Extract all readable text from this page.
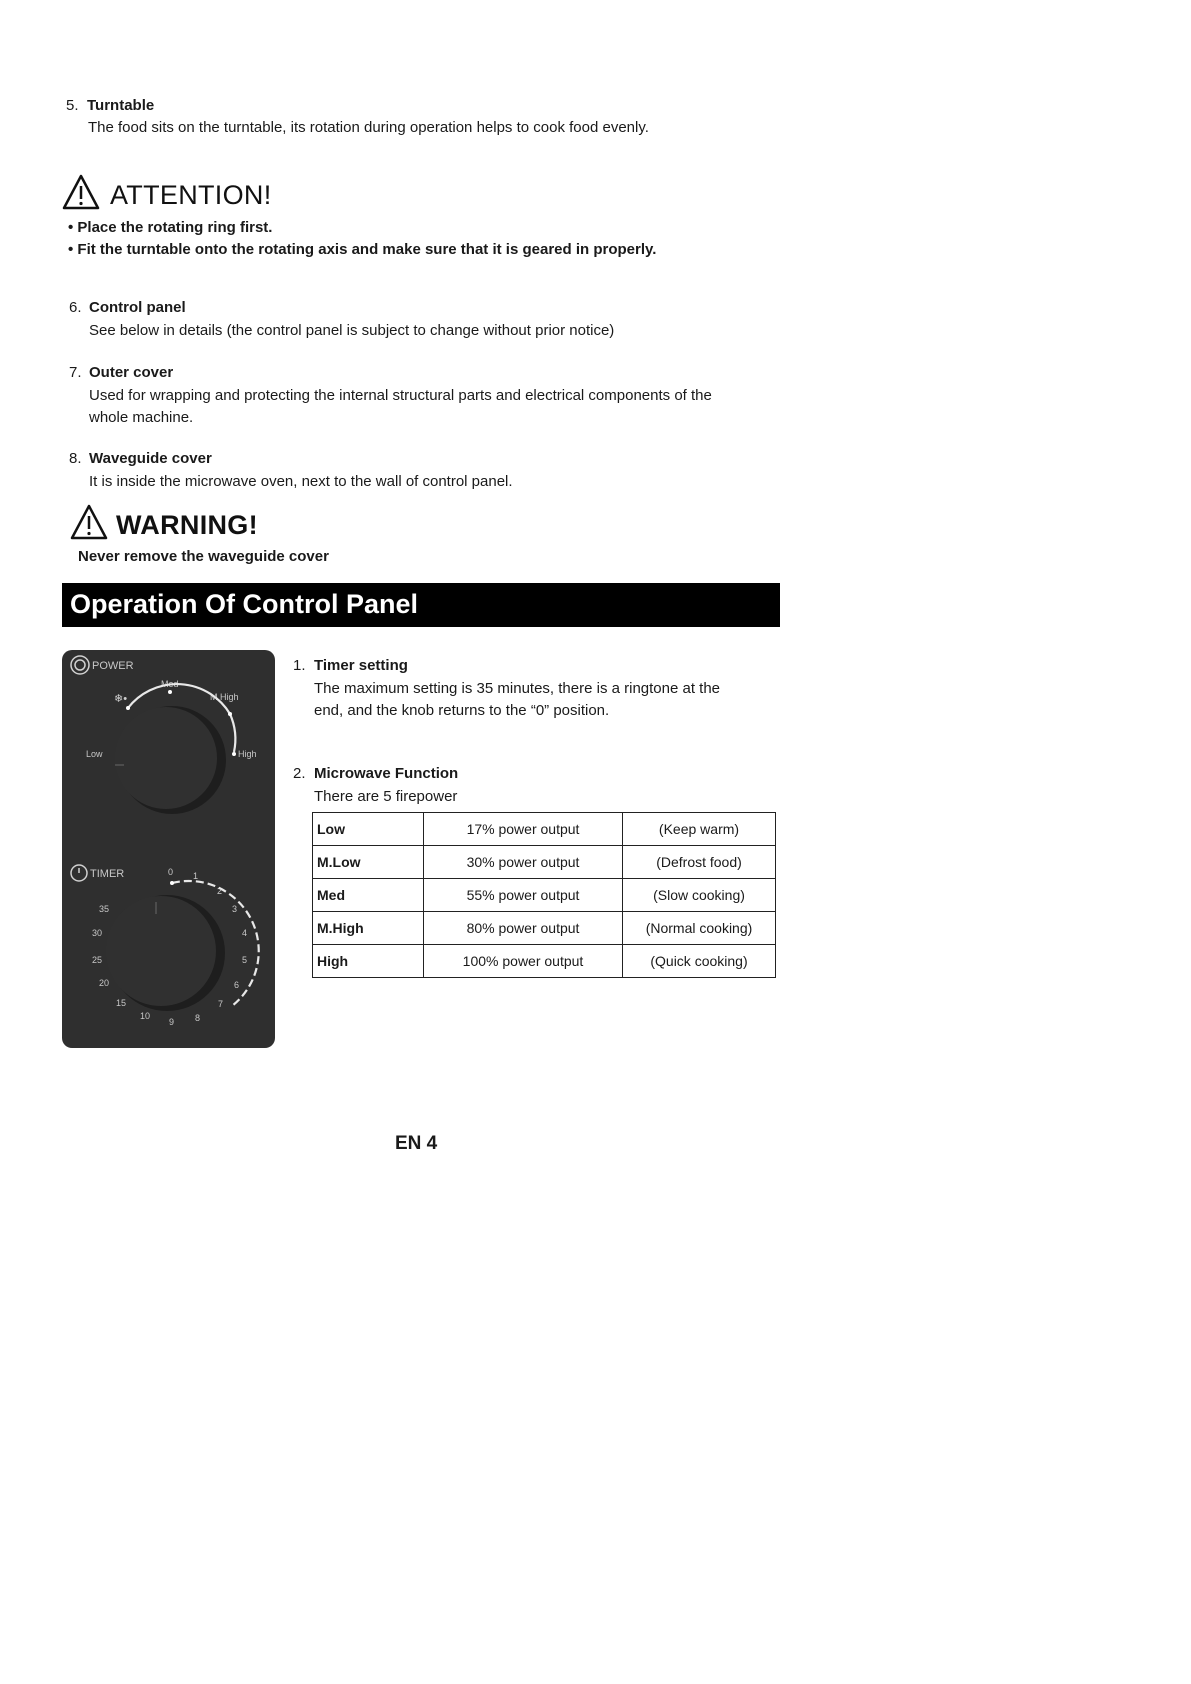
5. Turntable
The food sits on the turntable, its rotation during operation helps to cook food evenly.
ATTENTION!
• Place the rotating ring first.
• Fit the turntable onto the rotating axis and make sure that it is geared in properly.
6. Control panel
See below in details (the control panel is subject to change without prior notice)
7. Outer cover
Used for wrapping and protecting the internal structural parts and electrical components of the
whole machine.
8. Waveguide cover
It is inside the microwave oven, next to the wall of control panel.
WARNING!
Never remove the waveguide cover
Operation Of Control Panel
POWER
Med
M.High
Low	High
❄•
TIMER	0 1
2
3
4
5
6
7
8
9
10
15
20
25
30
35
1. Timer setting
The maximum setting is 35 minutes, there is a ringtone at the
end, and the knob returns to the “0” position.
2. Microwave Function
There are 5 firepower
Low	17% power output	(Keep warm)
M.Low	30% power output	(Defrost food)
Med	55% power output	(Slow cooking)
M.High	80% power output	(Normal cooking)
High	100% power output	(Quick cooking)
EN 4
